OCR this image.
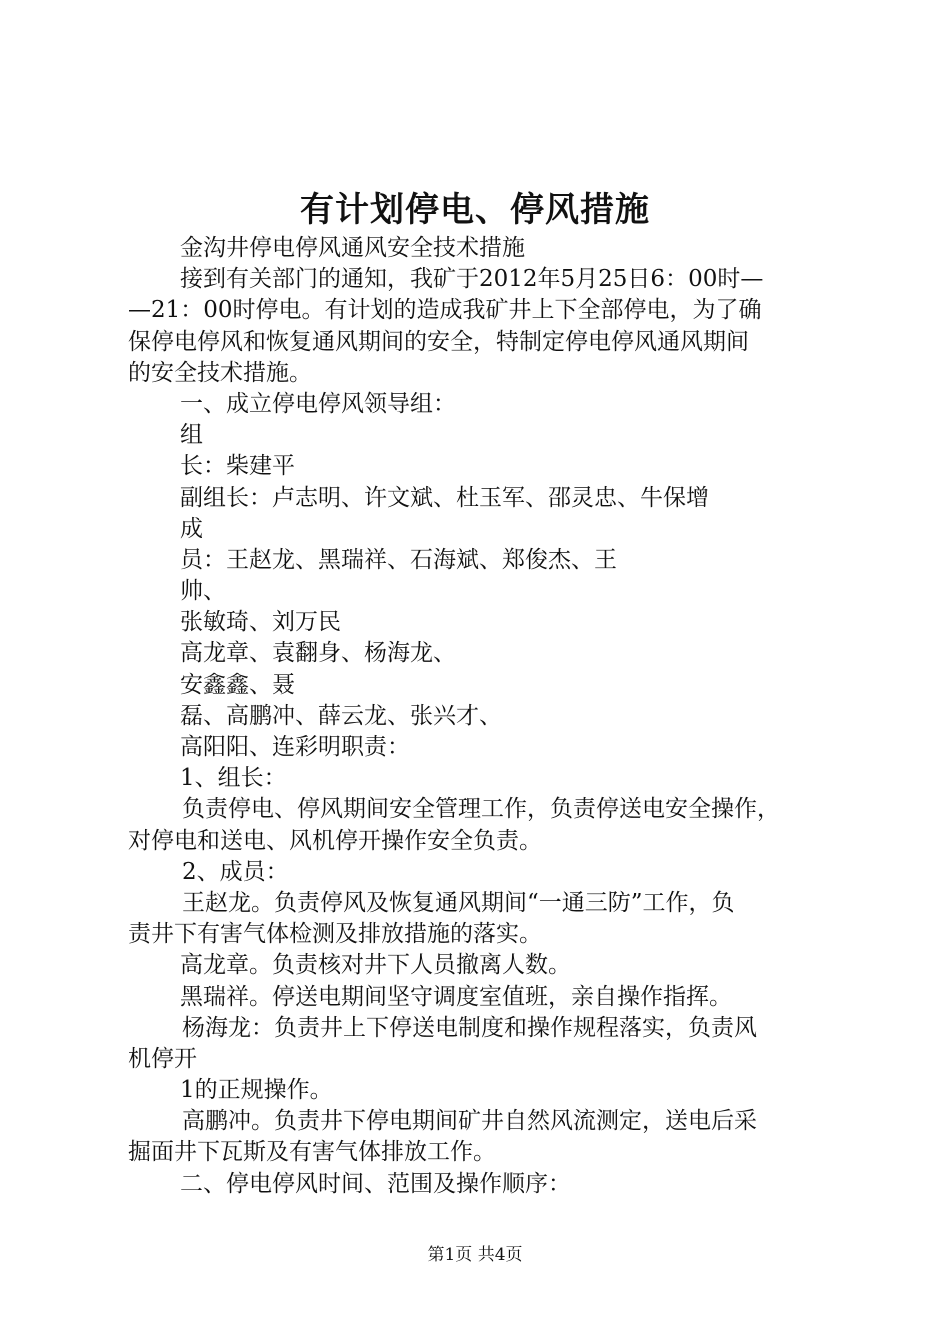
有计划停电、停风措施
金沟井停电停风通风安全技术措施
接到有关部门的通知，我矿于2012年5月25日6：00时—
—21：00时停电。有计划的造成我矿井上下全部停电，为了确
保停电停风和恢复通风期间的安全，特制定停电停风通风期间
的安全技术措施。
一、成立停电停风领导组：
组
长：柴建平
副组长：卢志明、许文斌、杜玉军、邵灵忠、牛保增
成
员：王赵龙、黑瑞祥、石海斌、郑俊杰、王
帅、
张敏琦、刘万民
高龙章、袁翻身、杨海龙、
安鑫鑫、聂
磊、高鹏冲、薛云龙、张兴才、
高阳阳、连彩明职责：
1、组长：
负责停电、停风期间安全管理工作，负责停送电安全操作，
对停电和送电、风机停开操作安全负责。
2、成员：
王赵龙。负责停风及恢复通风期间“一通三防”工作，负
责井下有害气体检测及排放措施的落实。
高龙章。负责核对井下人员撤离人数。
黑瑞祥。停送电期间坚守调度室值班，亲自操作指挥。
杨海龙：负责井上下停送电制度和操作规程落实，负责风
机停开
1的正规操作。
高鹏冲。负责井下停电期间矿井自然风流测定，送电后采
掘面井下瓦斯及有害气体排放工作。
二、停电停风时间、范围及操作顺序：
第1页 共4页
